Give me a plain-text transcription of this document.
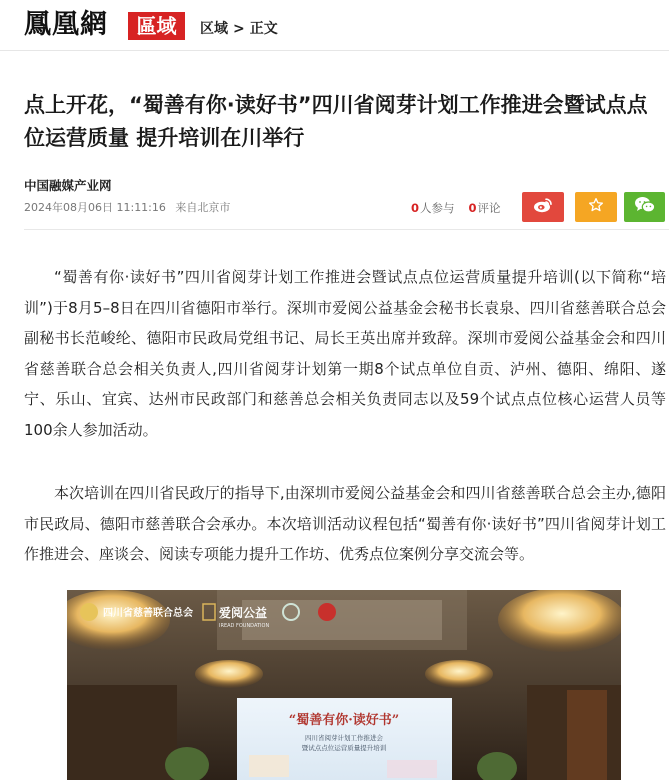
鳳凰網	區域	区域 > 正文
点上开花，“蜀善有你·读好书”四川省阅芽计划工作推进会暨试点点位运营质量 提升培训在川举行
中国融媒产业网
2024年08月06日 11:11:16 来自北京市	0人参与 0评论

“蜀善有你·读好书”四川省阅芽计划工作推进会暨试点点位运营质量提升培训(以下简称“培训”)于8月5–8日在四川省德阳市举行。深圳市爱阅公益基金会秘书长袁泉、四川省慈善联合总会副秘书长范峻纶、德阳市民政局党组书记、局长王英出席并致辞。深圳市爱阅公益基金会和四川省慈善联合总会相关负责人,四川省阅芽计划第一期8个试点单位自贡、泸州、德阳、绵阳、遂宁、乐山、宜宾、达州市民政部门和慈善总会相关负责同志以及59个试点点位核心运营人员等100余人参加活动。

本次培训在四川省民政厅的指导下,由深圳市爱阅公益基金会和四川省慈善联合总会主办,德阳市民政局、德阳市慈善联合会承办。本次培训活动议程包括“蜀善有你·读好书”四川省阅芽计划工作推进会、座谈会、阅读专项能力提升工作坊、优秀点位案例分享交流会等。

四川省慈善联合总会 爱阅公益
IREAD FOUNDATION
“蜀善有你·读好书”
四川省阅芽计划工作推进会
暨试点点位运营质量提升培训
